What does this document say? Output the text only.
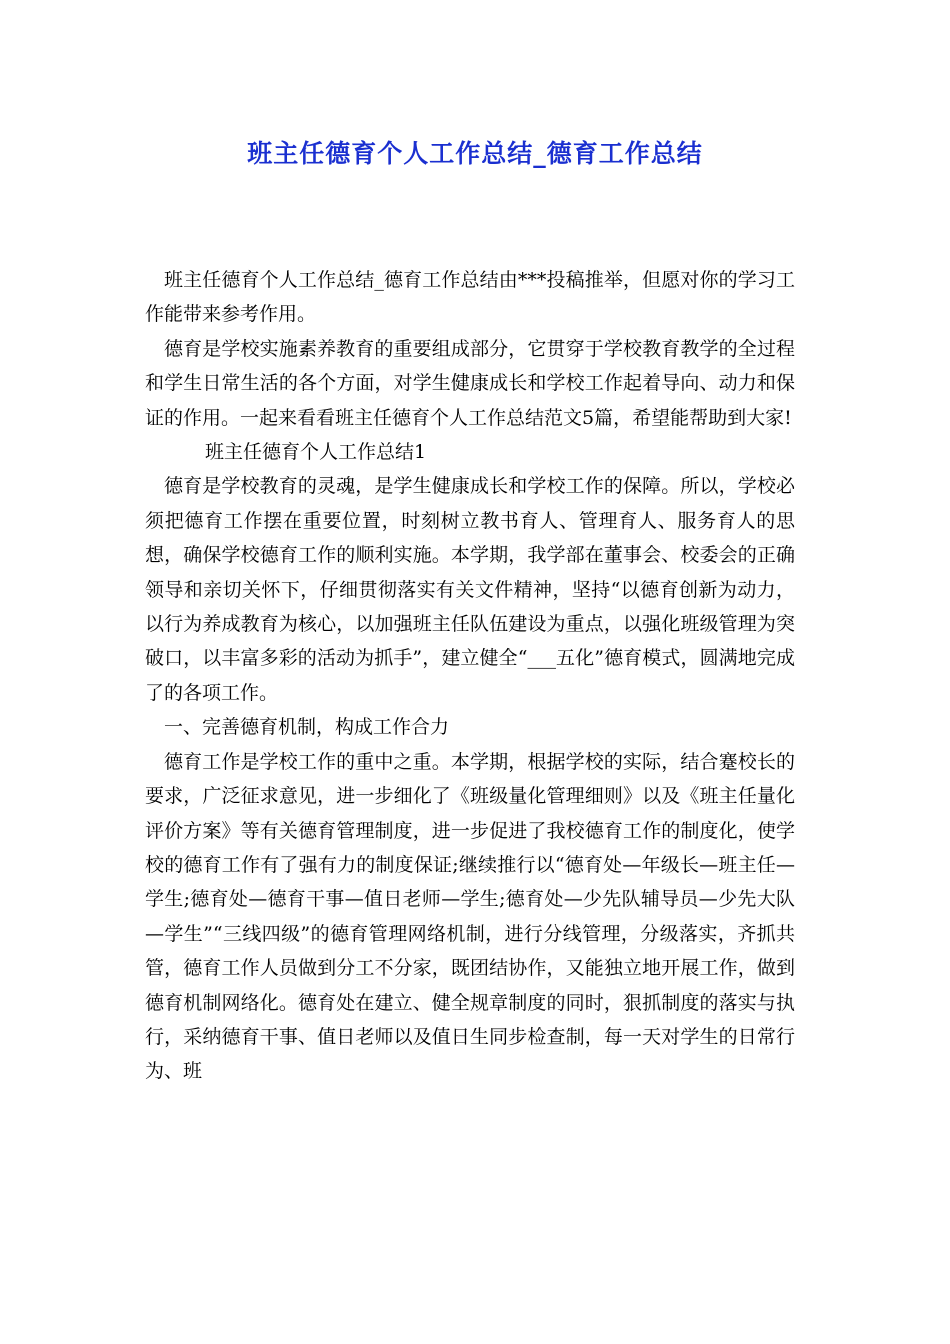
班主任德育个人工作总结_德育工作总结

班主任德育个人工作总结_德育工作总结由***投稿推举，但愿对你的学习工作能带来参考作用。

德育是学校实施素养教育的重要组成部分，它贯穿于学校教育教学的全过程和学生日常生活的各个方面，对学生健康成长和学校工作起着导向、动力和保证的作用。一起来看看班主任德育个人工作总结范文5篇，希望能帮助到大家!

班主任德育个人工作总结1

德育是学校教育的灵魂，是学生健康成长和学校工作的保障。所以，学校必须把德育工作摆在重要位置，时刻树立教书育人、管理育人、服务育人的思想，确保学校德育工作的顺利实施。本学期，我学部在董事会、校委会的正确领导和亲切关怀下，仔细贯彻落实有关文件精神，坚持“以德育创新为动力，以行为养成教育为核心，以加强班主任队伍建设为重点，以强化班级管理为突破口，以丰富多彩的活动为抓手”，建立健全“___五化”德育模式，圆满地完成了的各项工作。

一、完善德育机制，构成工作合力

德育工作是学校工作的重中之重。本学期，根据学校的实际，结合蹇校长的要求，广泛征求意见，进一步细化了《班级量化管理细则》以及《班主任量化评价方案》等有关德育管理制度，进一步促进了我校德育工作的制度化，使学校的德育工作有了强有力的制度保证;继续推行以“德育处—年级长—班主任—学生;德育处—德育干事—值日老师—学生;德育处—少先队辅导员—少先大队—学生”“三线四级”的德育管理网络机制，进行分线管理，分级落实，齐抓共管，德育工作人员做到分工不分家，既团结协作，又能独立地开展工作，做到德育机制网络化。德育处在建立、健全规章制度的同时，狠抓制度的落实与执行，采纳德育干事、值日老师以及值日生同步检查制，每一天对学生的日常行为、班
